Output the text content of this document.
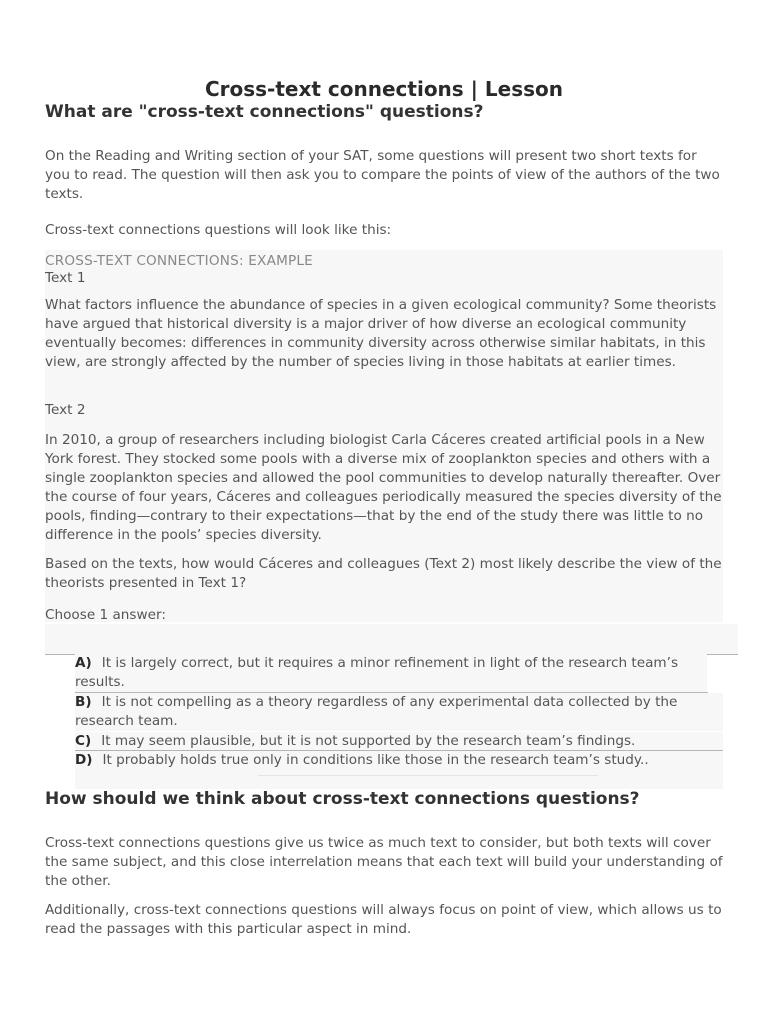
Cross-text connections | Lesson
What are "cross-text connections" questions?
On the Reading and Writing section of your SAT, some questions will present two short texts for you to read. The question will then ask you to compare the points of view of the authors of the two texts.
Cross-text connections questions will look like this:
CROSS-TEXT CONNECTIONS: EXAMPLE
Text 1
What factors influence the abundance of species in a given ecological community? Some theorists have argued that historical diversity is a major driver of how diverse an ecological community eventually becomes: differences in community diversity across otherwise similar habitats, in this view, are strongly affected by the number of species living in those habitats at earlier times.
Text 2
In 2010, a group of researchers including biologist Carla Cáceres created artificial pools in a New York forest. They stocked some pools with a diverse mix of zooplankton species and others with a single zooplankton species and allowed the pool communities to develop naturally thereafter. Over the course of four years, Cáceres and colleagues periodically measured the species diversity of the pools, finding—contrary to their expectations—that by the end of the study there was little to no difference in the pools’ species diversity.
Based on the texts, how would Cáceres and colleagues (Text 2) most likely describe the view of the theorists presented in Text 1?
Choose 1 answer:
A) It is largely correct, but it requires a minor refinement in light of the research team’s results.
B) It is not compelling as a theory regardless of any experimental data collected by the research team.
C) It may seem plausible, but it is not supported by the research team’s findings.
D) It probably holds true only in conditions like those in the research team’s study..
How should we think about cross-text connections questions?
Cross-text connections questions give us twice as much text to consider, but both texts will cover the same subject, and this close interrelation means that each text will build your understanding of the other.
Additionally, cross-text connections questions will always focus on point of view, which allows us to read the passages with this particular aspect in mind.
